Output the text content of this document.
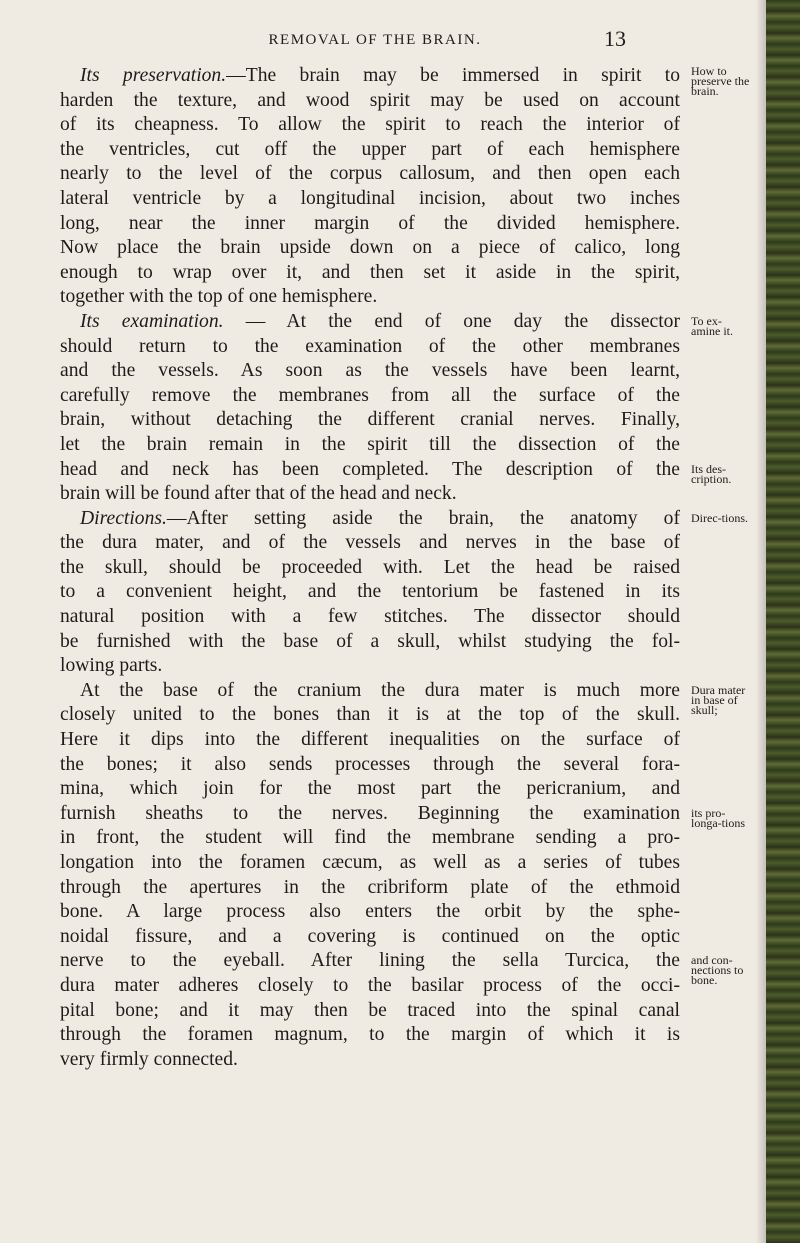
REMOVAL OF THE BRAIN.	13
Its preservation.—The brain may be immersed in spirit to How to preserve the brain.
harden the texture, and wood spirit may be used on account
of its cheapness. To allow the spirit to reach the interior of
the ventricles, cut off the upper part of each hemisphere
nearly to the level of the corpus callosum, and then open each
lateral ventricle by a longitudinal incision, about two inches
long, near the inner margin of the divided hemisphere.
Now place the brain upside down on a piece of calico, long
enough to wrap over it, and then set it aside in the spirit,
together with the top of one hemisphere.
Its examination. — At the end of one day the dissector To ex-amine it.
should return to the examination of the other membranes
and the vessels. As soon as the vessels have been learnt,
carefully remove the membranes from all the surface of the
brain, without detaching the different cranial nerves. Finally,
let the brain remain in the spirit till the dissection of the
head and neck has been completed. The description of the Its des-cription.
brain will be found after that of the head and neck.
Directions.—After setting aside the brain, the anatomy of Direc-tions.
the dura mater, and of the vessels and nerves in the base of
the skull, should be proceeded with. Let the head be raised
to a convenient height, and the tentorium be fastened in its
natural position with a few stitches. The dissector should
be furnished with the base of a skull, whilst studying the fol-
lowing parts.
At the base of the cranium the dura mater is much more Dura mater in base of skull;
closely united to the bones than it is at the top of the skull.
Here it dips into the different inequalities on the surface of
the bones; it also sends processes through the several fora-
mina, which join for the most part the pericranium, and
furnish sheaths to the nerves. Beginning the examination its pro-longa-tions
in front, the student will find the membrane sending a pro-
longation into the foramen cæcum, as well as a series of tubes
through the apertures in the cribriform plate of the ethmoid
bone. A large process also enters the orbit by the sphe-
noidal fissure, and a covering is continued on the optic
nerve to the eyeball. After lining the sella Turcica, the and con-nections to bone.
dura mater adheres closely to the basilar process of the occi-
pital bone; and it may then be traced into the spinal canal
through the foramen magnum, to the margin of which it is
very firmly connected.
